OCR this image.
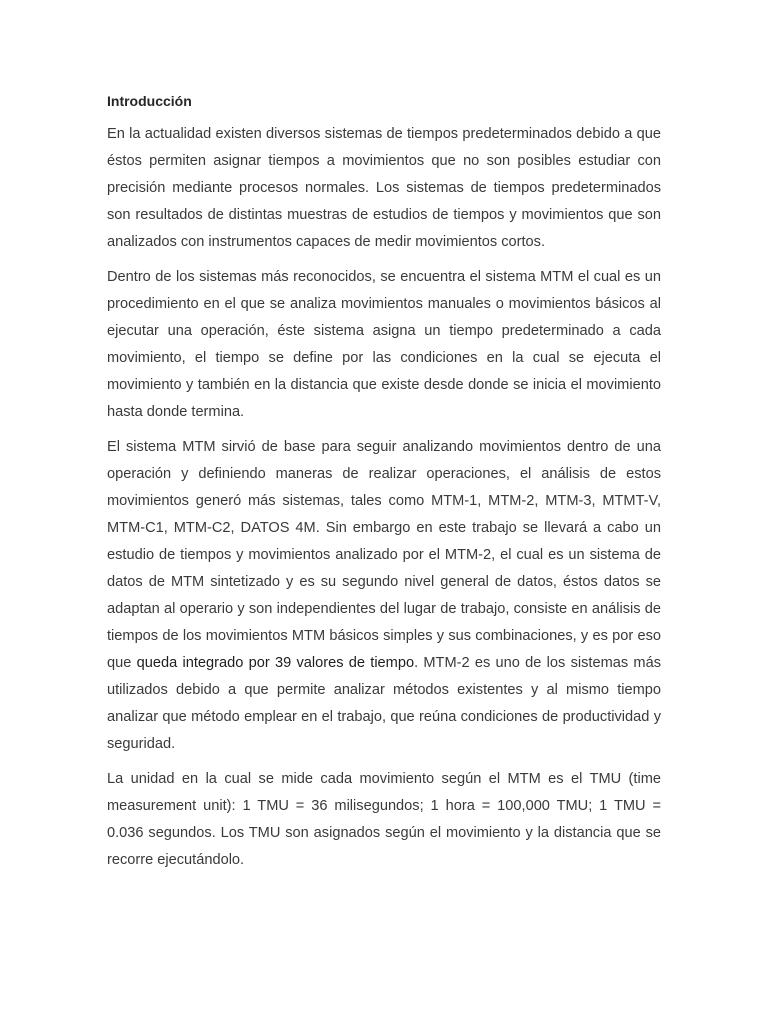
Introducción

En la actualidad existen diversos sistemas de tiempos predeterminados debido a que éstos permiten asignar tiempos a movimientos que no son posibles estudiar con precisión mediante procesos normales. Los sistemas de tiempos predeterminados son resultados de distintas muestras de estudios de tiempos y movimientos que son analizados con instrumentos capaces de medir movimientos cortos.

Dentro de los sistemas más reconocidos, se encuentra el sistema MTM el cual es un procedimiento en el que se analiza movimientos manuales o movimientos básicos al ejecutar una operación, éste sistema asigna un tiempo predeterminado a cada movimiento, el tiempo se define por las condiciones en la cual se ejecuta el movimiento y también en la distancia que existe desde donde se inicia el movimiento hasta donde termina.

El sistema MTM sirvió de base para seguir analizando movimientos dentro de una operación y definiendo maneras de realizar operaciones, el análisis de estos movimientos generó más sistemas, tales como MTM-1, MTM-2, MTM-3, MTMT-V, MTM-C1, MTM-C2, DATOS 4M. Sin embargo en este trabajo se llevará a cabo un estudio de tiempos y movimientos analizado por el MTM-2, el cual es un sistema de datos de MTM sintetizado y es su segundo nivel general de datos, éstos datos se adaptan al operario y son independientes del lugar de trabajo, consiste en análisis de tiempos de los movimientos MTM básicos simples y sus combinaciones, y es por eso que queda integrado por 39 valores de tiempo. MTM-2 es uno de los sistemas más utilizados debido a que permite analizar métodos existentes y al mismo tiempo analizar que método emplear en el trabajo, que reúna condiciones de productividad y seguridad.

La unidad en la cual se mide cada movimiento según el MTM es el TMU (time measurement unit): 1 TMU = 36 milisegundos; 1 hora = 100,000 TMU; 1 TMU = 0.036 segundos. Los TMU son asignados según el movimiento y la distancia que se recorre ejecutándolo.
